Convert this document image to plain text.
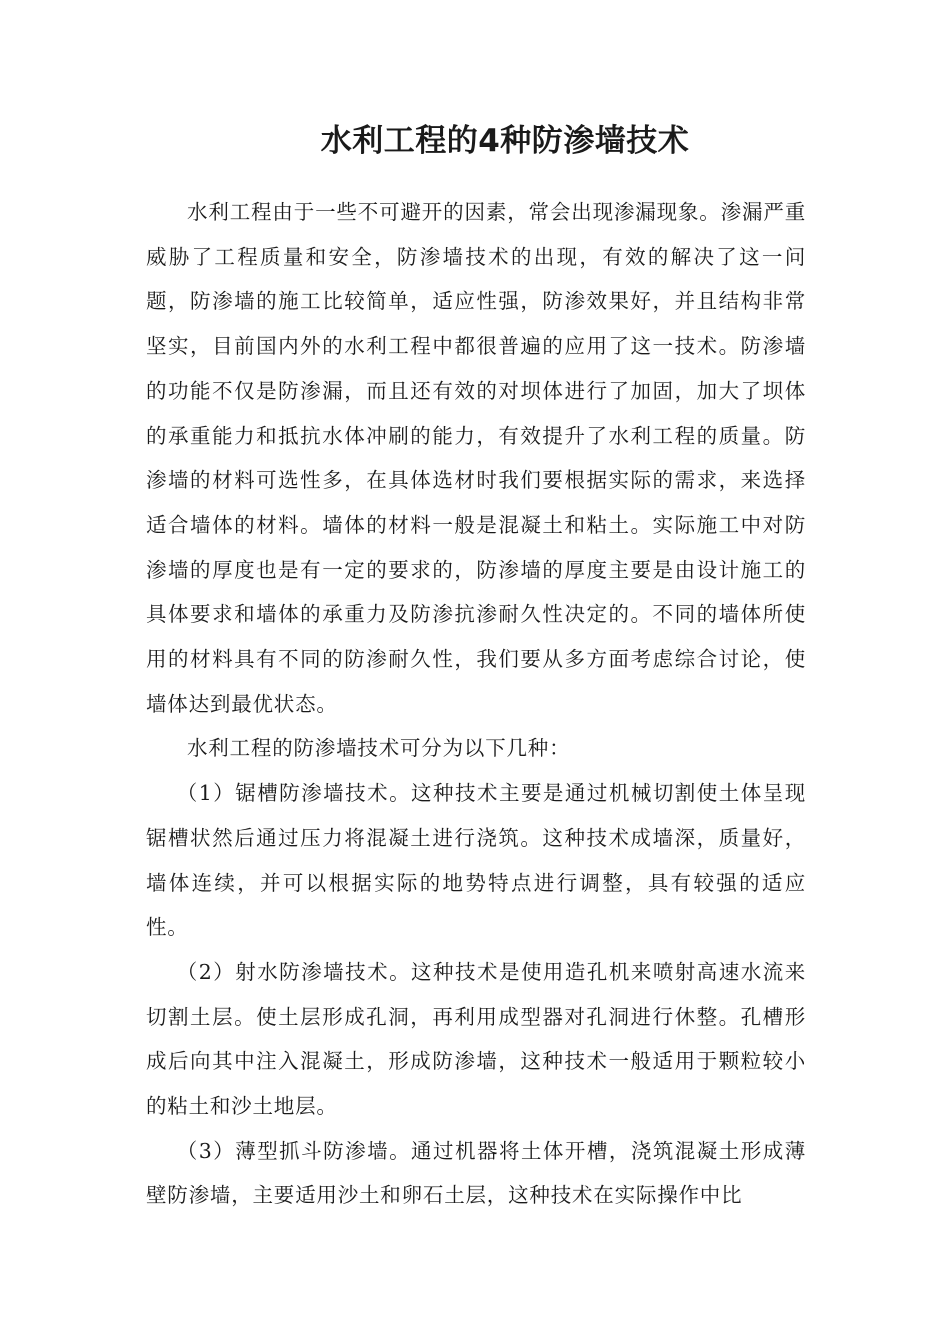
水利工程的4种防渗墙技术

水利工程由于一些不可避开的因素，常会出现渗漏现象。渗漏严重威胁了工程质量和安全，防渗墙技术的出现，有效的解决了这一问题，防渗墙的施工比较简单，适应性强，防渗效果好，并且结构非常坚实，目前国内外的水利工程中都很普遍的应用了这一技术。防渗墙的功能不仅是防渗漏，而且还有效的对坝体进行了加固，加大了坝体的承重能力和抵抗水体冲刷的能力，有效提升了水利工程的质量。防渗墙的材料可选性多，在具体选材时我们要根据实际的需求，来选择适合墙体的材料。墙体的材料一般是混凝土和粘土。实际施工中对防渗墙的厚度也是有一定的要求的，防渗墙的厚度主要是由设计施工的具体要求和墙体的承重力及防渗抗渗耐久性决定的。不同的墙体所使用的材料具有不同的防渗耐久性，我们要从多方面考虑综合讨论，使墙体达到最优状态。

水利工程的防渗墙技术可分为以下几种：

（1）锯槽防渗墙技术。这种技术主要是通过机械切割使土体呈现锯槽状然后通过压力将混凝土进行浇筑。这种技术成墙深，质量好，墙体连续，并可以根据实际的地势特点进行调整，具有较强的适应性。

（2）射水防渗墙技术。这种技术是使用造孔机来喷射高速水流来切割土层。使土层形成孔洞，再利用成型器对孔洞进行休整。孔槽形成后向其中注入混凝土，形成防渗墙，这种技术一般适用于颗粒较小的粘土和沙土地层。

（3）薄型抓斗防渗墙。通过机器将土体开槽，浇筑混凝土形成薄壁防渗墙，主要适用沙土和卵石土层，这种技术在实际操作中比
